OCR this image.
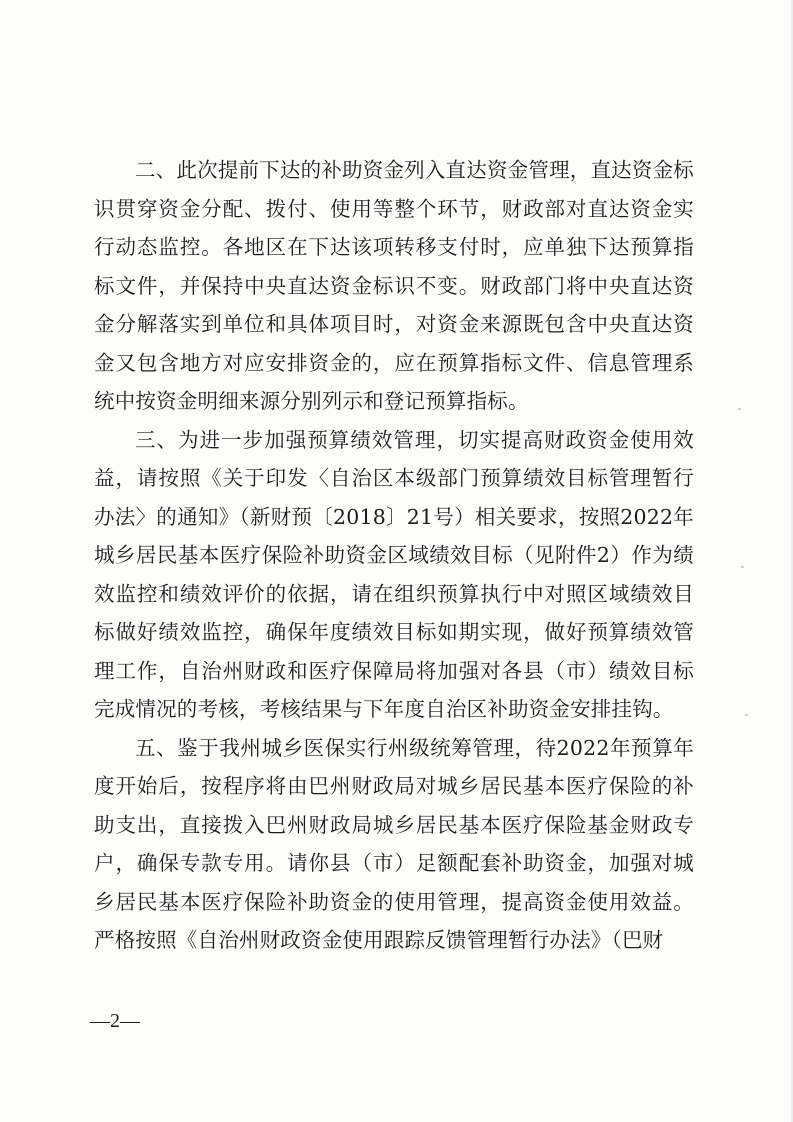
二、此次提前下达的补助资金列入直达资金管理，直达资金标识贯穿资金分配、拨付、使用等整个环节，财政部对直达资金实行动态监控。各地区在下达该项转移支付时，应单独下达预算指标文件，并保持中央直达资金标识不变。财政部门将中央直达资金分解落实到单位和具体项目时，对资金来源既包含中央直达资金又包含地方对应安排资金的，应在预算指标文件、信息管理系统中按资金明细来源分别列示和登记预算指标。

三、为进一步加强预算绩效管理，切实提高财政资金使用效益，请按照《关于印发〈自治区本级部门预算绩效目标管理暂行办法〉的通知》（新财预〔2018〕21号）相关要求，按照2022年城乡居民基本医疗保险补助资金区域绩效目标（见附件2）作为绩效监控和绩效评价的依据，请在组织预算执行中对照区域绩效目标做好绩效监控，确保年度绩效目标如期实现，做好预算绩效管理工作，自治州财政和医疗保障局将加强对各县（市）绩效目标完成情况的考核，考核结果与下年度自治区补助资金安排挂钩。

五、鉴于我州城乡医保实行州级统筹管理，待2022年预算年度开始后，按程序将由巴州财政局对城乡居民基本医疗保险的补助支出，直接拨入巴州财政局城乡居民基本医疗保险基金财政专户，确保专款专用。请你县（市）足额配套补助资金，加强对城乡居民基本医疗保险补助资金的使用管理，提高资金使用效益。严格按照《自治州财政资金使用跟踪反馈管理暂行办法》（巴财

—2—
